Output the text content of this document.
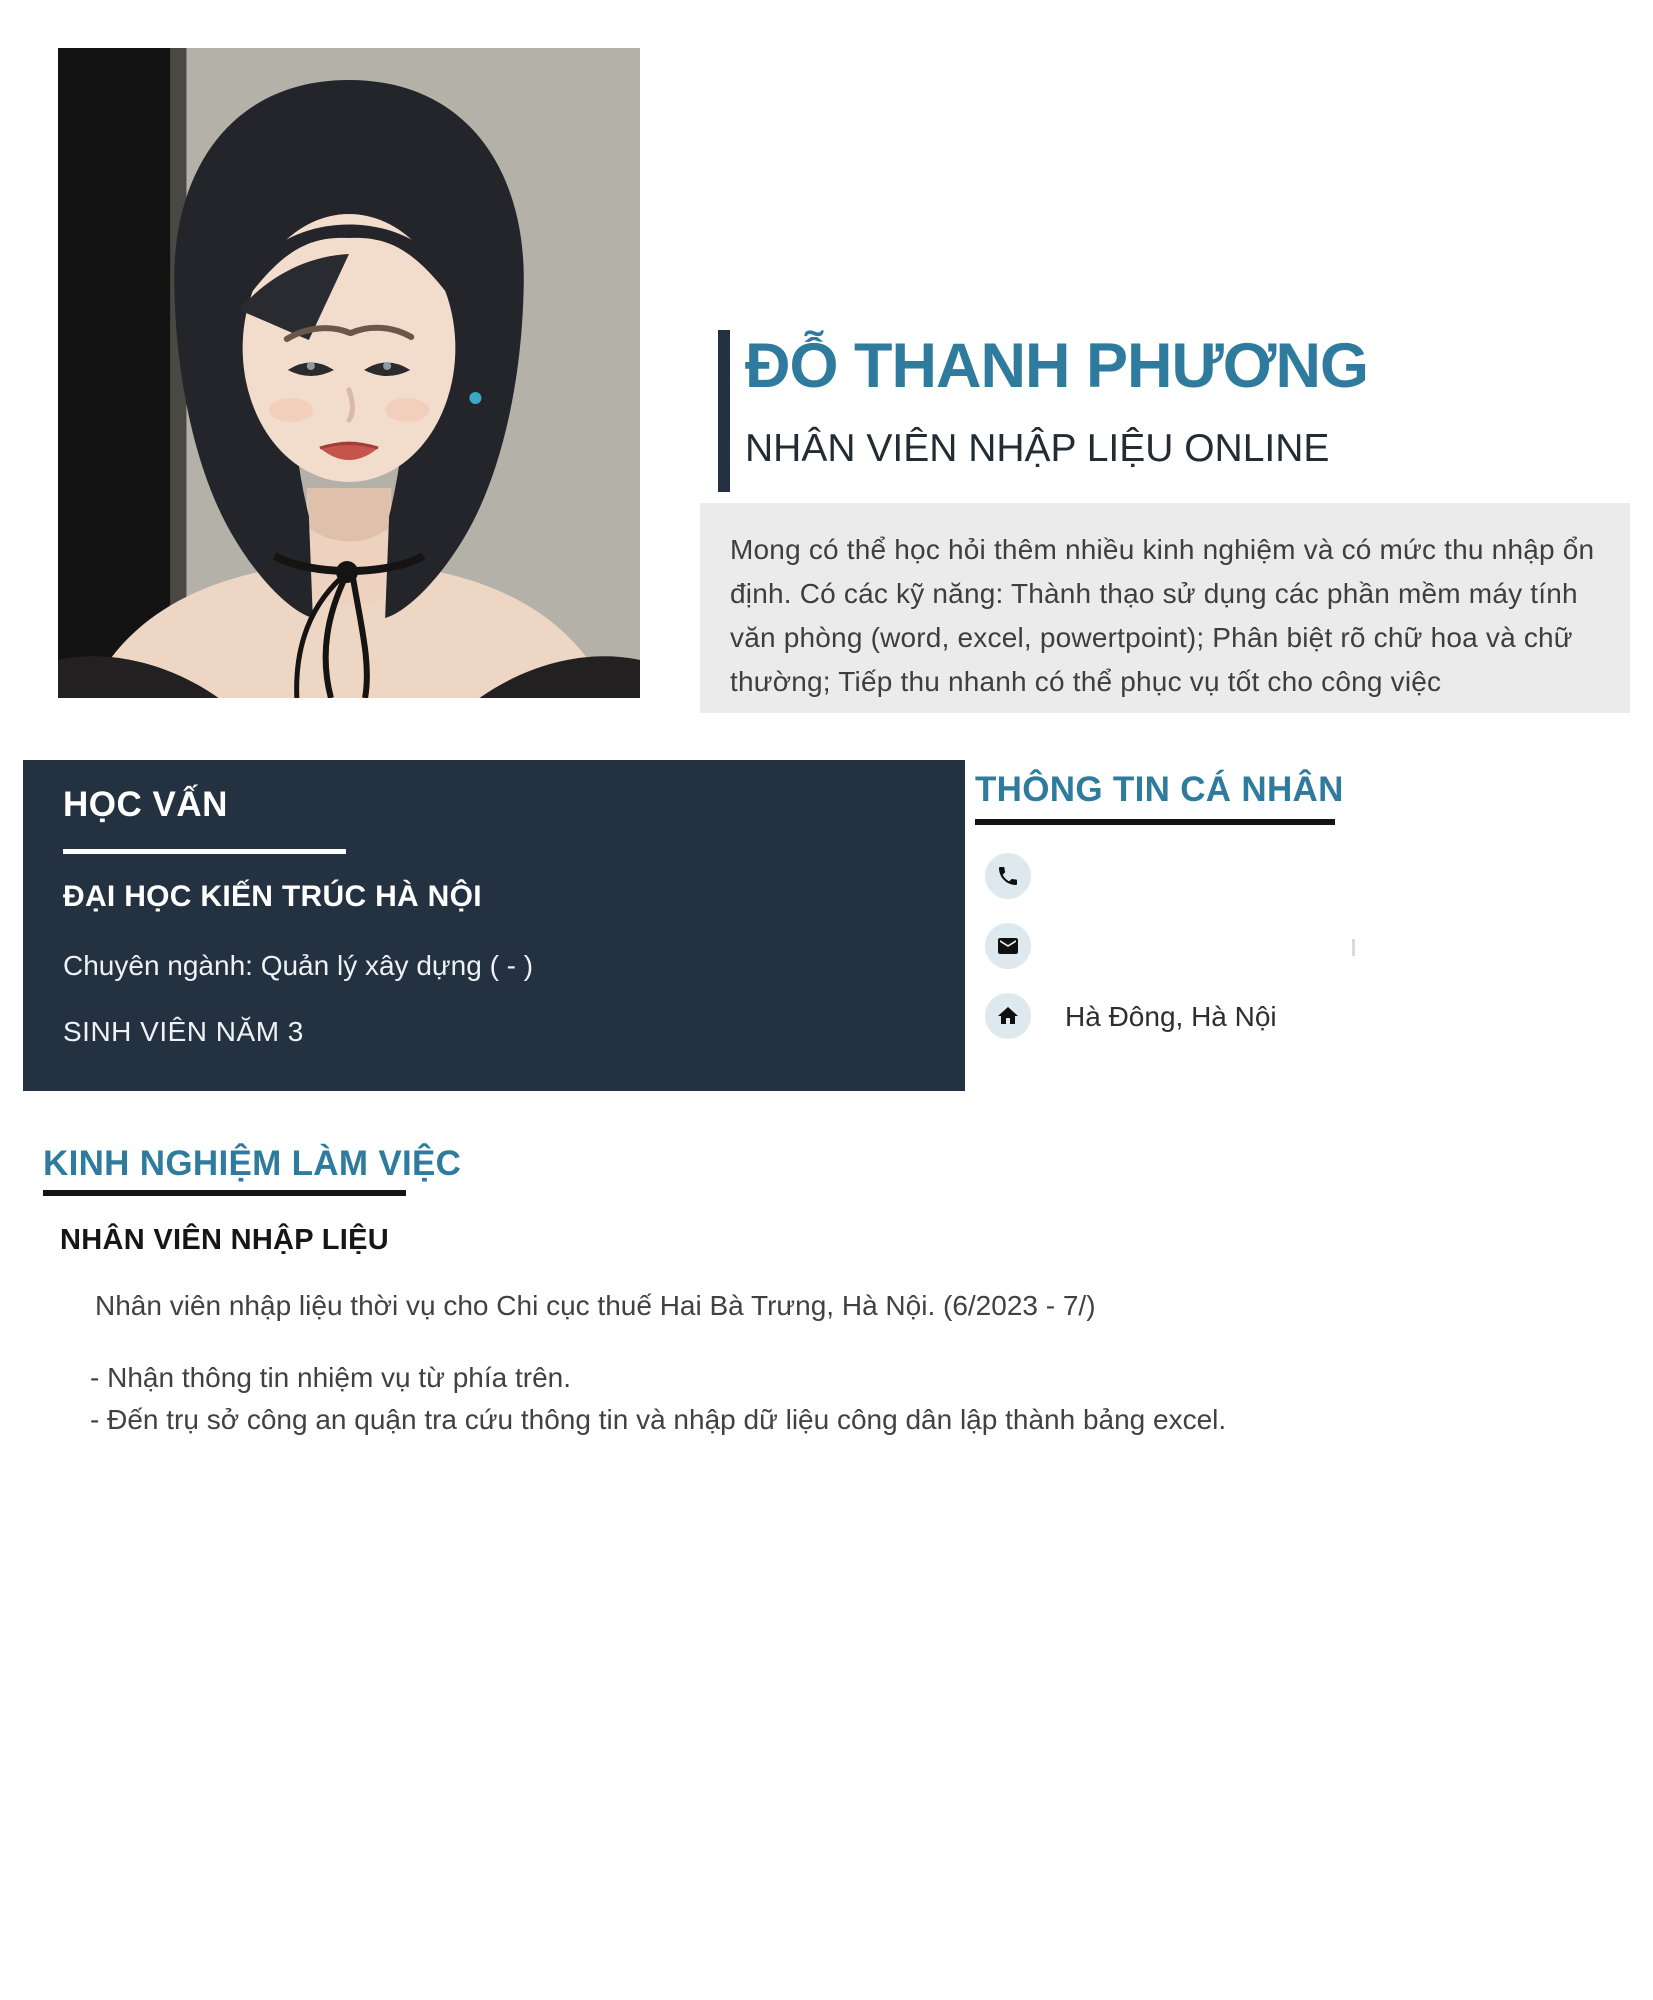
ĐỖ THANH PHƯƠNG
NHÂN VIÊN NHẬP LIỆU ONLINE
Mong có thể học hỏi thêm nhiều kinh nghiệm và có mức thu nhập ổn định. Có các kỹ năng: Thành thạo sử dụng các phần mềm máy tính văn phòng (word, excel, powertpoint); Phân biệt rõ chữ hoa và chữ thường; Tiếp thu nhanh có thể phục vụ tốt cho công việc
HỌC VẤN
ĐẠI HỌC KIẾN TRÚC HÀ NỘI
Chuyên ngành: Quản lý xây dựng ( - )
SINH VIÊN NĂM 3
THÔNG TIN CÁ NHÂN
Hà Đông, Hà Nội
KINH NGHIỆM LÀM VIỆC
NHÂN VIÊN NHẬP LIỆU
Nhân viên nhập liệu thời vụ cho Chi cục thuế Hai Bà Trưng, Hà Nội. (6/2023 - 7/)
- Nhận thông tin nhiệm vụ từ phía trên.
- Đến trụ sở công an quận tra cứu thông tin và nhập dữ liệu công dân lập thành bảng excel.
